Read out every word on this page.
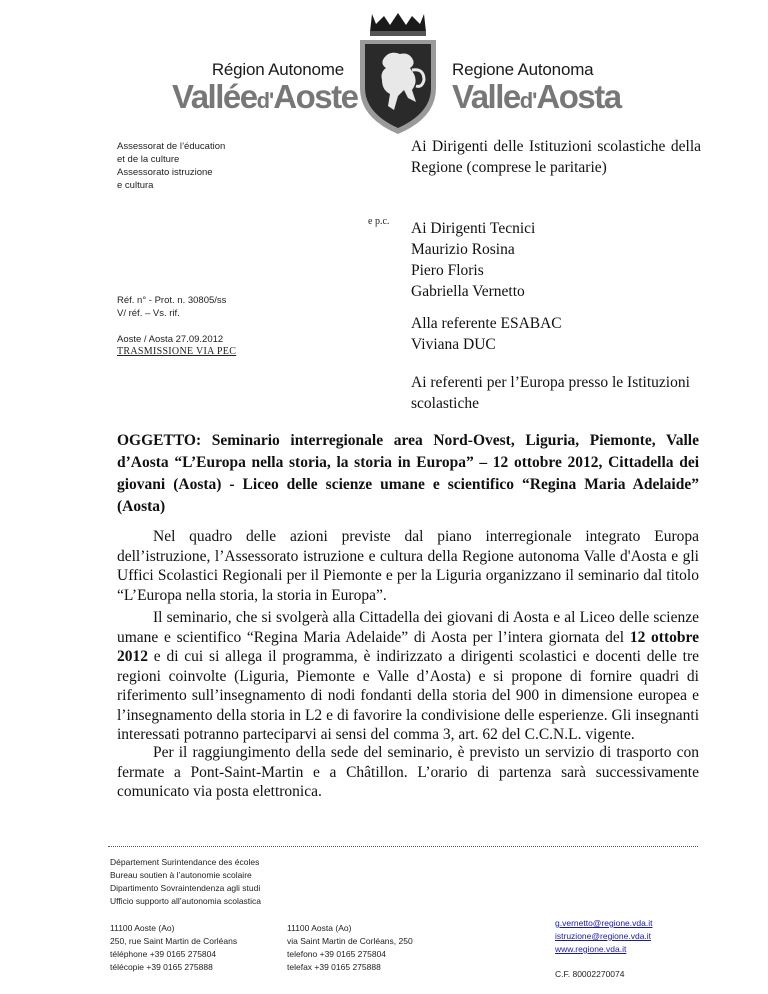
Région Autonome
Valléed'Aoste
Regione Autonoma
Valled'Aosta
Assessorat de l’éducation
et de la culture
Assessorato istruzione
e cultura
Réf. n° - Prot. n. 30805/ss
V/ réf. – Vs. rif.
Aoste / Aosta 27.09.2012
TRASMISSIONE VIA PEC
Ai Dirigenti delle Istituzioni scolastiche della Regione (comprese le paritarie)
e p.c. Ai Dirigenti Tecnici
Maurizio Rosina
Piero Floris
Gabriella Vernetto
Alla referente ESABAC
Viviana DUC
Ai referenti per l’Europa presso le Istituzioni scolastiche
OGGETTO: Seminario interregionale area Nord-Ovest, Liguria, Piemonte, Valle d’Aosta “L’Europa nella storia, la storia in Europa” – 12 ottobre 2012, Cittadella dei giovani (Aosta) - Liceo delle scienze umane e scientifico “Regina Maria Adelaide” (Aosta)
Nel quadro delle azioni previste dal piano interregionale integrato Europa dell’istruzione, l’Assessorato istruzione e cultura della Regione autonoma Valle d'Aosta e gli Uffici Scolastici Regionali per il Piemonte e per la Liguria organizzano il seminario dal titolo “L’Europa nella storia, la storia in Europa”.
Il seminario, che si svolgerà alla Cittadella dei giovani di Aosta e al Liceo delle scienze umane e scientifico “Regina Maria Adelaide” di Aosta per l’intera giornata del 12 ottobre 2012 e di cui si allega il programma, è indirizzato a dirigenti scolastici e docenti delle tre regioni coinvolte (Liguria, Piemonte e Valle d’Aosta) e si propone di fornire quadri di riferimento sull’insegnamento di nodi fondanti della storia del 900 in dimensione europea e l’insegnamento della storia in L2 e di favorire la condivisione delle esperienze. Gli insegnanti interessati potranno parteciparvi ai sensi del comma 3, art. 62 del C.C.N.L. vigente.
Per il raggiungimento della sede del seminario, è previsto un servizio di trasporto con fermate a Pont-Saint-Martin e a Châtillon. L’orario di partenza sarà successivamente comunicato via posta elettronica.
Département Surintendance des écoles
Bureau soutien à l’autonomie scolaire
Dipartimento Sovraintendenza agli studi
Ufficio supporto all’autonomia scolastica
11100 Aoste (Ao)
250, rue Saint Martin de Corléans
téléphone +39 0165 275804
télécopie +39 0165 275888
11100 Aosta (Ao)
via Saint Martin de Corléans, 250
telefono +39 0165 275804
telefax +39 0165 275888
g.vernetto@regione.vda.it
istruzione@regione.vda.it
www.regione.vda.it
C.F. 80002270074
